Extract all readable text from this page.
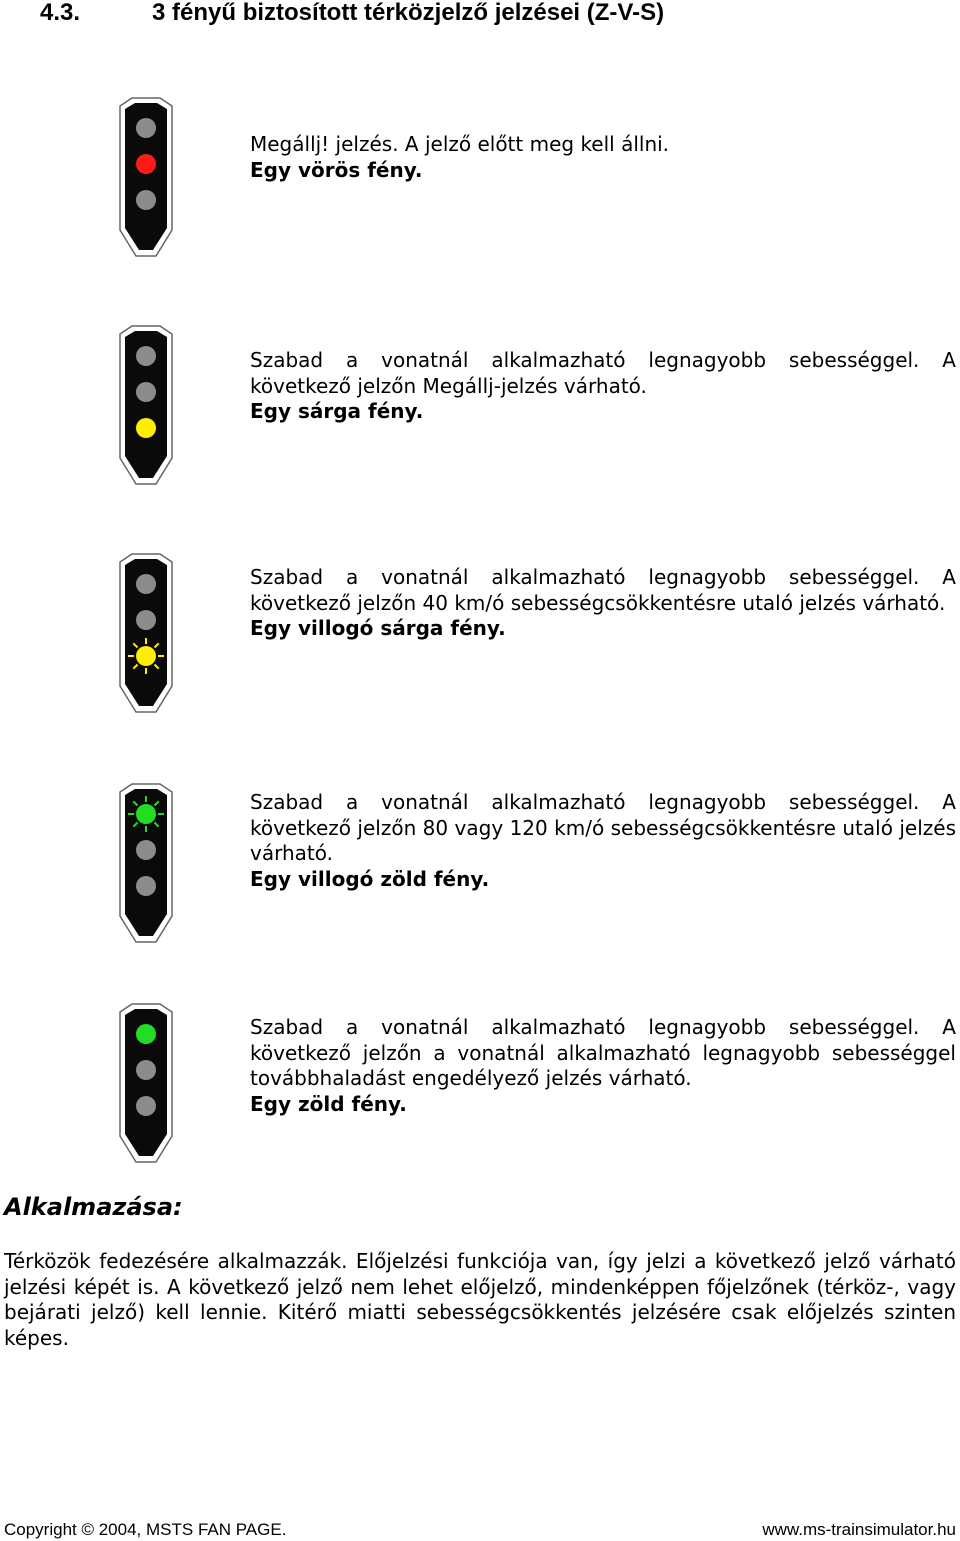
4.3.	3 fényű biztosított térközjelző jelzései (Z-V-S)
Megállj! jelzés. A jelző előtt meg kell állni.
Egy vörös fény.
Szabad a vonatnál alkalmazható legnagyobb sebességgel. A következő jelzőn Megállj-jelzés várható.
Egy sárga fény.
Szabad a vonatnál alkalmazható legnagyobb sebességgel. A következő jelzőn 40 km/ó sebességcsökkentésre utaló jelzés várható.
Egy villogó sárga fény.
Szabad a vonatnál alkalmazható legnagyobb sebességgel. A következő jelzőn 80 vagy 120 km/ó sebességcsökkentésre utaló jelzés várható.
Egy villogó zöld fény.
Szabad a vonatnál alkalmazható legnagyobb sebességgel. A következő jelzőn a vonatnál alkalmazható legnagyobb sebességgel továbbhaladást engedélyező jelzés várható.
Egy zöld fény.
Alkalmazása:
Térközök fedezésére alkalmazzák. Előjelzési funkciója van, így jelzi a következő jelző várható jelzési képét is. A következő jelző nem lehet előjelző, mindenképpen főjelzőnek (térköz-, vagy bejárati jelző) kell lennie. Kitérő miatti sebességcsökkentés jelzésére csak előjelzés szinten képes.
Copyright © 2004, MSTS FAN PAGE.	www.ms-trainsimulator.hu
